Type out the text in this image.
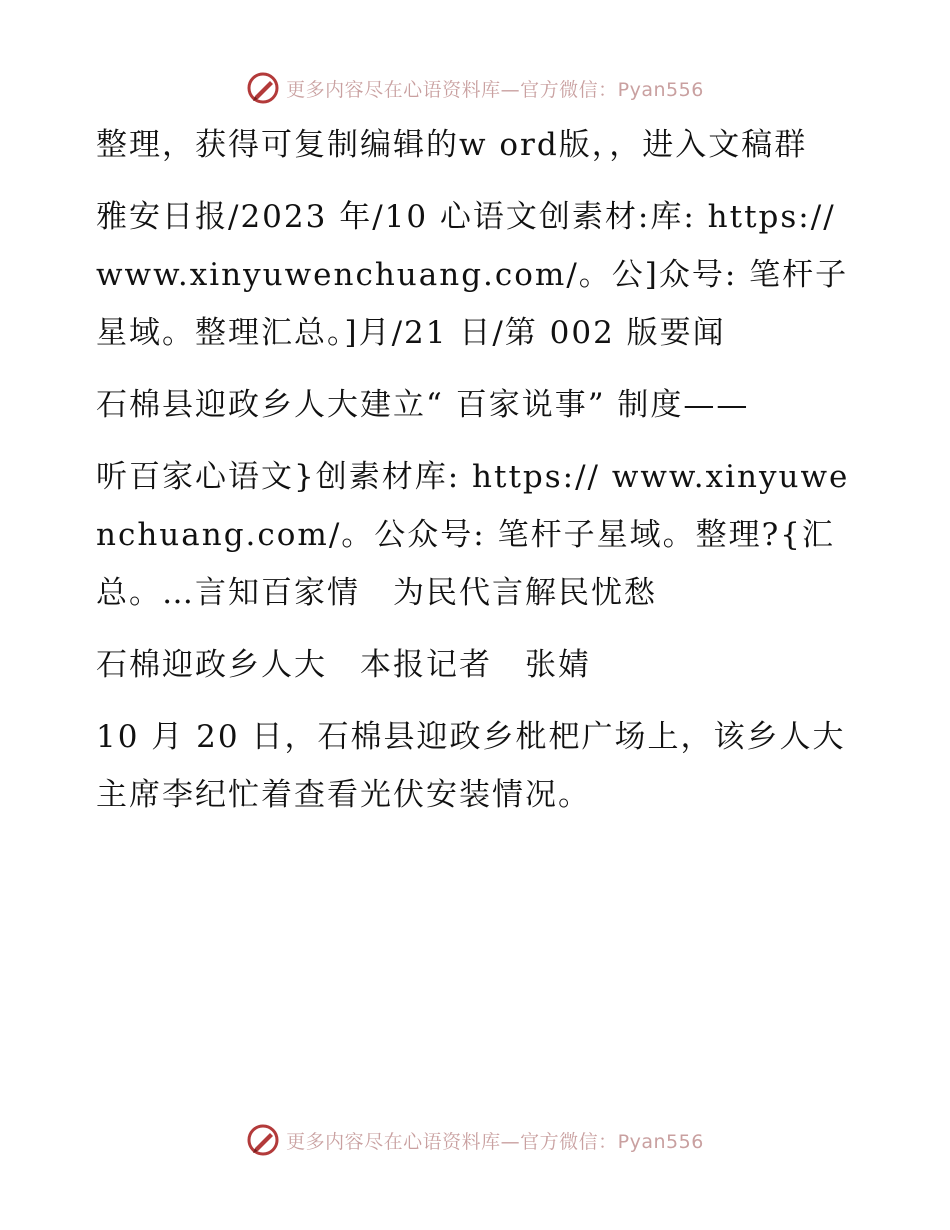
更多内容尽在心语资料库—官方微信：Pyan556

整理，获得可复制编辑的w ord版，，进入文稿群

雅安日报/2023 年/10 心语文创素材:库: https://www.xinyuwenchuang.com/。公]众号: 笔杆子星域。整理汇总。]月/21 日/第 002 版要闻

石棉县迎政乡人大建立“ 百家说事” 制度——

听百家心语文}创素材库: https:// www.xinyuwenchuang.com/。公众号: 笔杆子星域。整理?{汇总。…言知百家情　为民代言解民忧愁

石棉迎政乡人大　本报记者　张婧

10 月 20 日，石棉县迎政乡枇杷广场上，该乡人大主席李纪忙着查看光伏安装情况。

更多内容尽在心语资料库—官方微信：Pyan556
